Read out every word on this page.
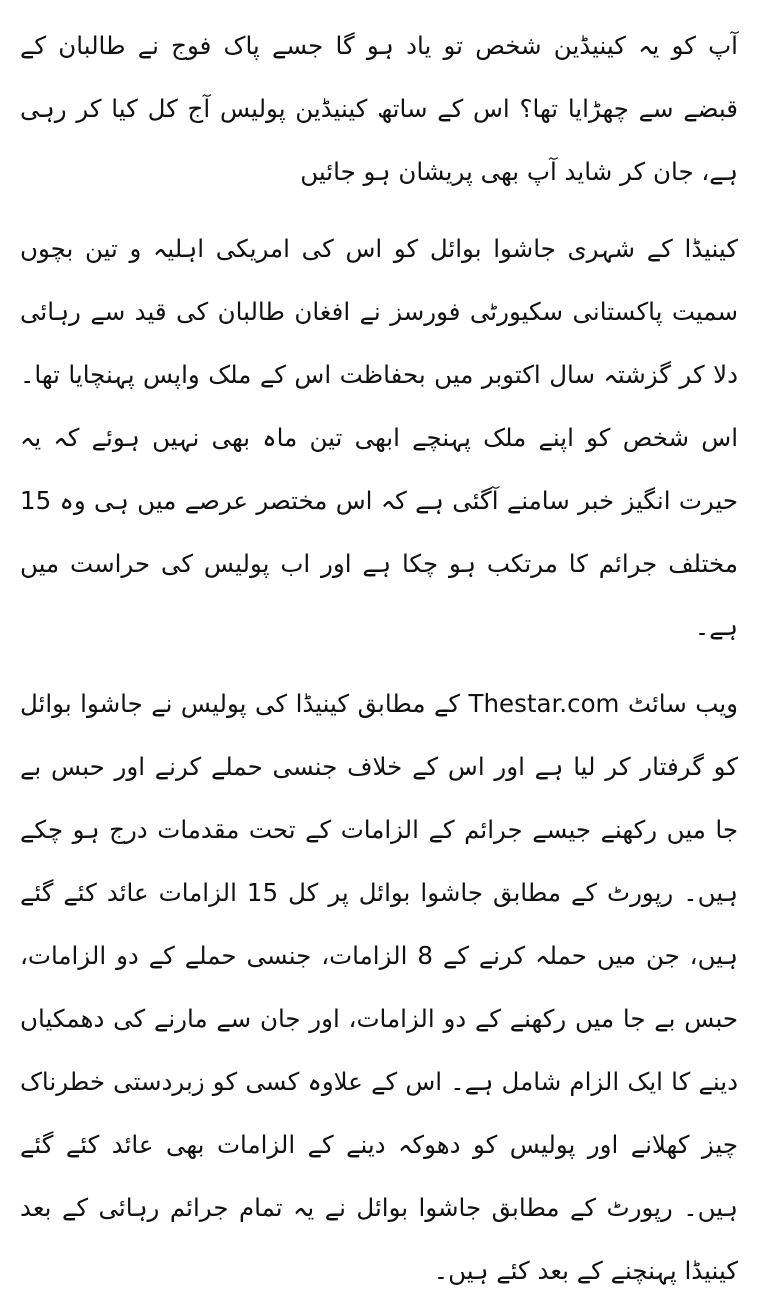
آپ کو یہ کینیڈین شخص تو یاد ہو گا جسے پاک فوج نے طالبان کے قبضے سے چھڑایا تھا؟ اس کے ساتھ کینیڈین پولیس آج کل کیا کر رہی ہے، جان کر شاید آپ بھی پریشان ہو جائیں

کینیڈا کے شہری جاشوا بوائل کو اس کی امریکی اہلیہ و تین بچوں سمیت پاکستانی سکیورٹی فورسز نے افغان طالبان کی قید سے رہائی دلا کر گزشتہ سال اکتوبر میں بحفاظت اس کے ملک واپس پہنچایا تھا۔ اس شخص کو اپنے ملک پہنچے ابھی تین ماہ بھی نہیں ہوئے کہ یہ حیرت انگیز خبر سامنے آگئی ہے کہ اس مختصر عرصے میں ہی وہ 15 مختلف جرائم کا مرتکب ہو چکا ہے اور اب پولیس کی حراست میں ہے۔

ویب سائٹ Thestar.com کے مطابق کینیڈا کی پولیس نے جاشوا بوائل کو گرفتار کر لیا ہے اور اس کے خلاف جنسی حملے کرنے اور حبس بے جا میں رکھنے جیسے جرائم کے الزامات کے تحت مقدمات درج ہو چکے ہیں۔ رپورٹ کے مطابق جاشوا بوائل پر کل 15 الزامات عائد کئے گئے ہیں، جن میں حملہ کرنے کے 8 الزامات، جنسی حملے کے دو الزامات، حبس بے جا میں رکھنے کے دو الزامات، اور جان سے مارنے کی دھمکیاں دینے کا ایک الزام شامل ہے۔ اس کے علاوہ کسی کو زبردستی خطرناک چیز کھلانے اور پولیس کو دھوکہ دینے کے الزامات بھی عائد کئے گئے ہیں۔ رپورٹ کے مطابق جاشوا بوائل نے یہ تمام جرائم رہائی کے بعد کینیڈا پہنچنے کے بعد کئے ہیں۔
